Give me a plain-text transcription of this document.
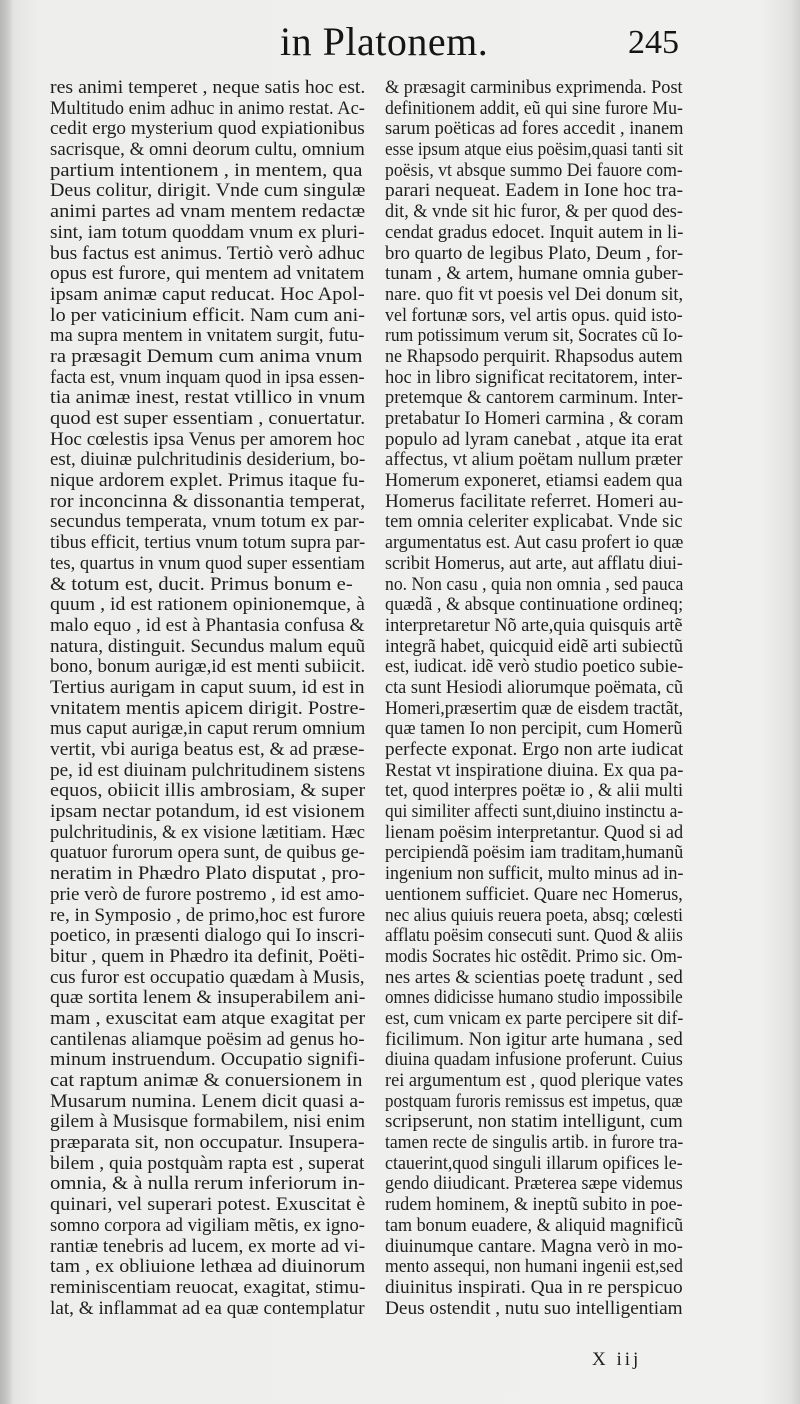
in Platonem.	245
res animi temperet , neque satis hoc est.
Multitudo enim adhuc in animo restat. Ac-
cedit ergo mysterium quod expiationibus
sacrisque, & omni deorum cultu, omnium
partium intentionem , in mentem, qua
Deus colitur, dirigit. Vnde cum singulæ
animi partes ad vnam mentem redactæ
sint, iam totum quoddam vnum ex pluri-
bus factus est animus. Tertiò verò adhuc
opus est furore, qui mentem ad vnitatem
ipsam animæ caput reducat. Hoc Apol-
lo per vaticinium efficit. Nam cum ani-
ma supra mentem in vnitatem surgit, futu-
ra præsagit Demum cum anima vnum
facta est, vnum inquam quod in ipsa essen-
tia animæ inest, restat vtillico in vnum
quod est super essentiam , conuertatur.
Hoc cœlestis ipsa Venus per amorem hoc
est, diuinæ pulchritudinis desiderium, bo-
nique ardorem explet. Primus itaque fu-
ror inconcinna & dissonantia temperat,
secundus temperata, vnum totum ex par-
tibus efficit, tertius vnum totum supra par-
tes, quartus in vnum quod super essentiam
& totum est, ducit. Primus bonum e-
quum , id est rationem opinionemque, à
malo equo , id est à Phantasia confusa &
natura, distinguit. Secundus malum equũ
bono, bonum aurigæ,id est menti subiicit.
Tertius aurigam in caput suum, id est in
vnitatem mentis apicem dirigit. Postre-
mus caput aurigæ,in caput rerum omnium
vertit, vbi auriga beatus est, & ad præse-
pe, id est diuinam pulchritudinem sistens
equos, obiicit illis ambrosiam, & super
ipsam nectar potandum, id est visionem
pulchritudinis, & ex visione lætitiam. Hæc
quatuor furorum opera sunt, de quibus ge-
neratim in Phædro Plato disputat , pro-
prie verò de furore postremo , id est amo-
re, in Symposio , de primo,hoc est furore
poetico, in præsenti dialogo qui Io inscri-
bitur , quem in Phædro ita definit, Poëti-
cus furor est occupatio quædam à Musis,
quæ sortita lenem & insuperabilem ani-
mam , exuscitat eam atque exagitat per
cantilenas aliamque poësim ad genus ho-
minum instruendum. Occupatio signifi-
cat raptum animæ & conuersionem in
Musarum numina. Lenem dicit quasi a-
gilem à Musisque formabilem, nisi enim
præparata sit, non occupatur. Insupera-
bilem , quia postquàm rapta est , superat
omnia, & à nulla rerum inferiorum in-
quinari, vel superari potest. Exuscitat è
somno corpora ad vigiliam mẽtis, ex igno-
rantiæ tenebris ad lucem, ex morte ad vi-
tam , ex obliuione lethæa ad diuinorum
reminiscentiam reuocat, exagitat, stimu-
lat, & inflammat ad ea quæ contemplatur
& præsagit carminibus exprimenda. Post
definitionem addit, eũ qui sine furore Mu-
sarum poëticas ad fores accedit , inanem
esse ipsum atque eius poësim,quasi tanti sit
poësis, vt absque summo Dei fauore com-
parari nequeat. Eadem in Ione hoc tra-
dit, & vnde sit hic furor, & per quod des-
cendat gradus edocet. Inquit autem in li-
bro quarto de legibus Plato, Deum , for-
tunam , & artem, humane omnia guber-
nare. quo fit vt poesis vel Dei donum sit,
vel fortunæ sors, vel artis opus. quid isto-
rum potissimum verum sit, Socrates cũ Io-
ne Rhapsodo perquirit. Rhapsodus autem
hoc in libro significat recitatorem, inter-
pretemque & cantorem carminum. Inter-
pretabatur Io Homeri carmina , & coram
populo ad lyram canebat , atque ita erat
affectus, vt alium poëtam nullum præter
Homerum exponeret, etiamsi eadem qua
Homerus facilitate referret. Homeri au-
tem omnia celeriter explicabat. Vnde sic
argumentatus est. Aut casu profert io quæ
scribit Homerus, aut arte, aut afflatu diui-
no. Non casu , quia non omnia , sed pauca
quædã , & absque continuatione ordineq;
interpretaretur Nõ arte,quia quisquis artẽ
integrã habet, quicquid eidẽ arti subiectũ
est, iudicat. idẽ verò studio poetico subie-
cta sunt Hesiodi aliorumque poëmata, cũ
Homeri,præsertim quæ de eisdem tractãt,
quæ tamen Io non percipit, cum Homerũ
perfecte exponat. Ergo non arte iudicat
Restat vt inspiratione diuina. Ex qua pa-
tet, quod interpres poëtæ io , & alii multi
qui similiter affecti sunt,diuino instinctu a-
lienam poësim interpretantur. Quod si ad
percipiendã poësim iam traditam,humanũ
ingenium non sufficit, multo minus ad in-
uentionem sufficiet. Quare nec Homerus,
nec alius quiuis reuera poeta, absq; cœlesti
afflatu poësim consecuti sunt. Quod & aliis
modis Socrates hic ostẽdit. Primo sic. Om-
nes artes & scientias poetę tradunt , sed
omnes didicisse humano studio impossibile
est, cum vnicam ex parte percipere sit dif-
ficilimum. Non igitur arte humana , sed
diuina quadam infusione proferunt. Cuius
rei argumentum est , quod plerique vates
postquam furoris remissus est impetus, quæ
scripserunt, non statim intelligunt, cum
tamen recte de singulis artib. in furore tra-
ctauerint,quod singuli illarum opifices le-
gendo diiudicant. Præterea sæpe videmus
rudem hominem, & ineptũ subito in poe-
tam bonum euadere, & aliquid magnificũ
diuinumque cantare. Magna verò in mo-
mento assequi, non humani ingenii est,sed
diuinitus inspirati. Qua in re perspicuo
Deus ostendit , nutu suo intelligentiam
X iij
